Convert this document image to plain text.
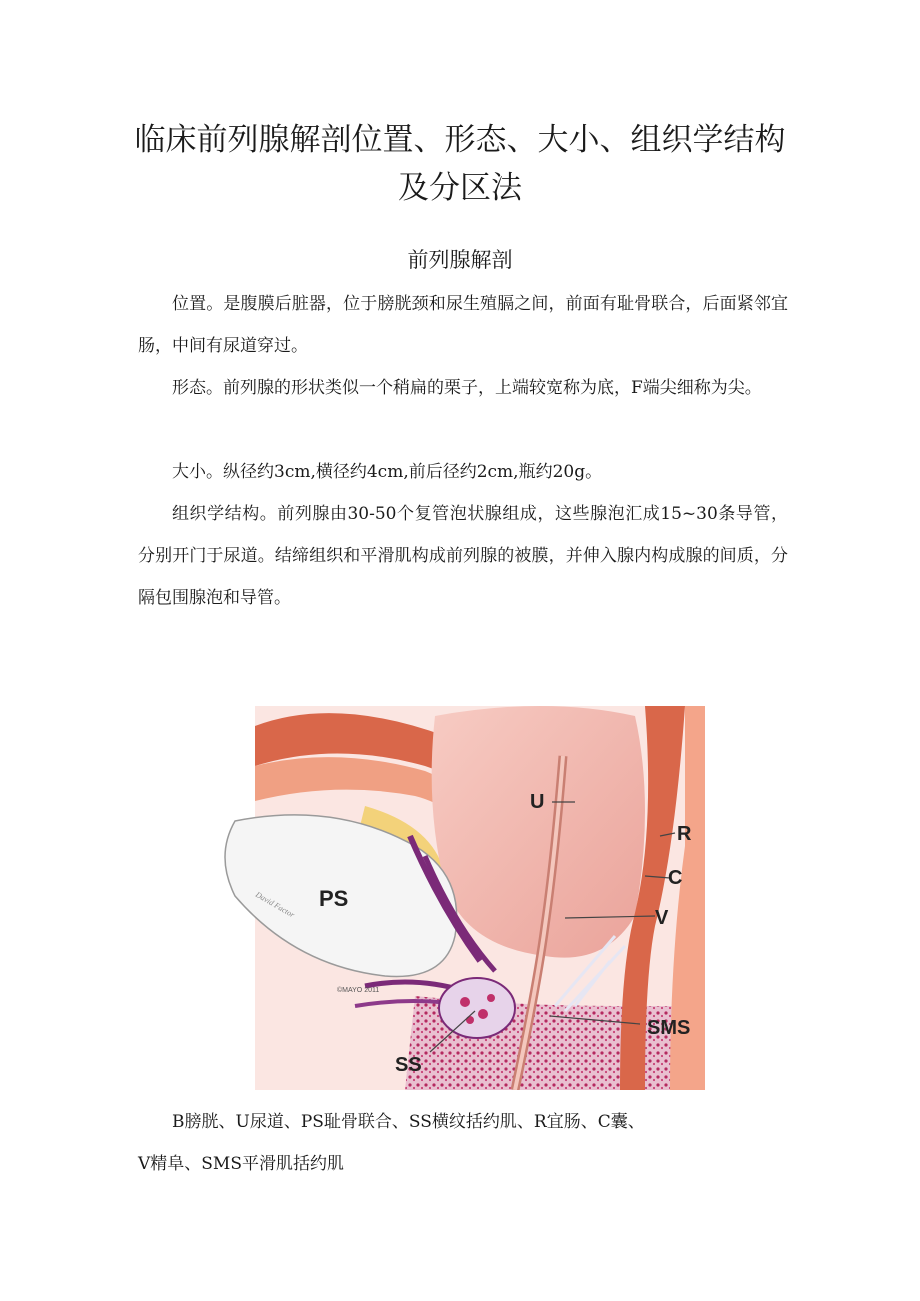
临床前列腺解剖位置、形态、大小、组织学结构及分区法
前列腺解剖

位置。是腹膜后脏器，位于膀胱颈和尿生殖膈之间，前面有耻骨联合，后面紧邻宜肠，中间有尿道穿过。

形态。前列腺的形状类似一个稍扁的栗子，上端较宽称为底，F端尖细称为尖。

大小。纵径约3cm,横径约4cm,前后径约2cm,瓶约20g。

组织学结构。前列腺由30-50个复管泡状腺组成，这些腺泡汇成15~30条导管，分别开门于尿道。结缔组织和平滑肌构成前列腺的被膜，并伸入腺内构成腺的间质，分隔包围腺泡和导管。

U
R
C
PS
V
SMS
SS
©MAYO 2011
David Factor

B膀胱、U尿道、PS耻骨联合、SS横纹括约肌、R宜肠、C囊、
V精阜、SMS平滑肌括约肌
